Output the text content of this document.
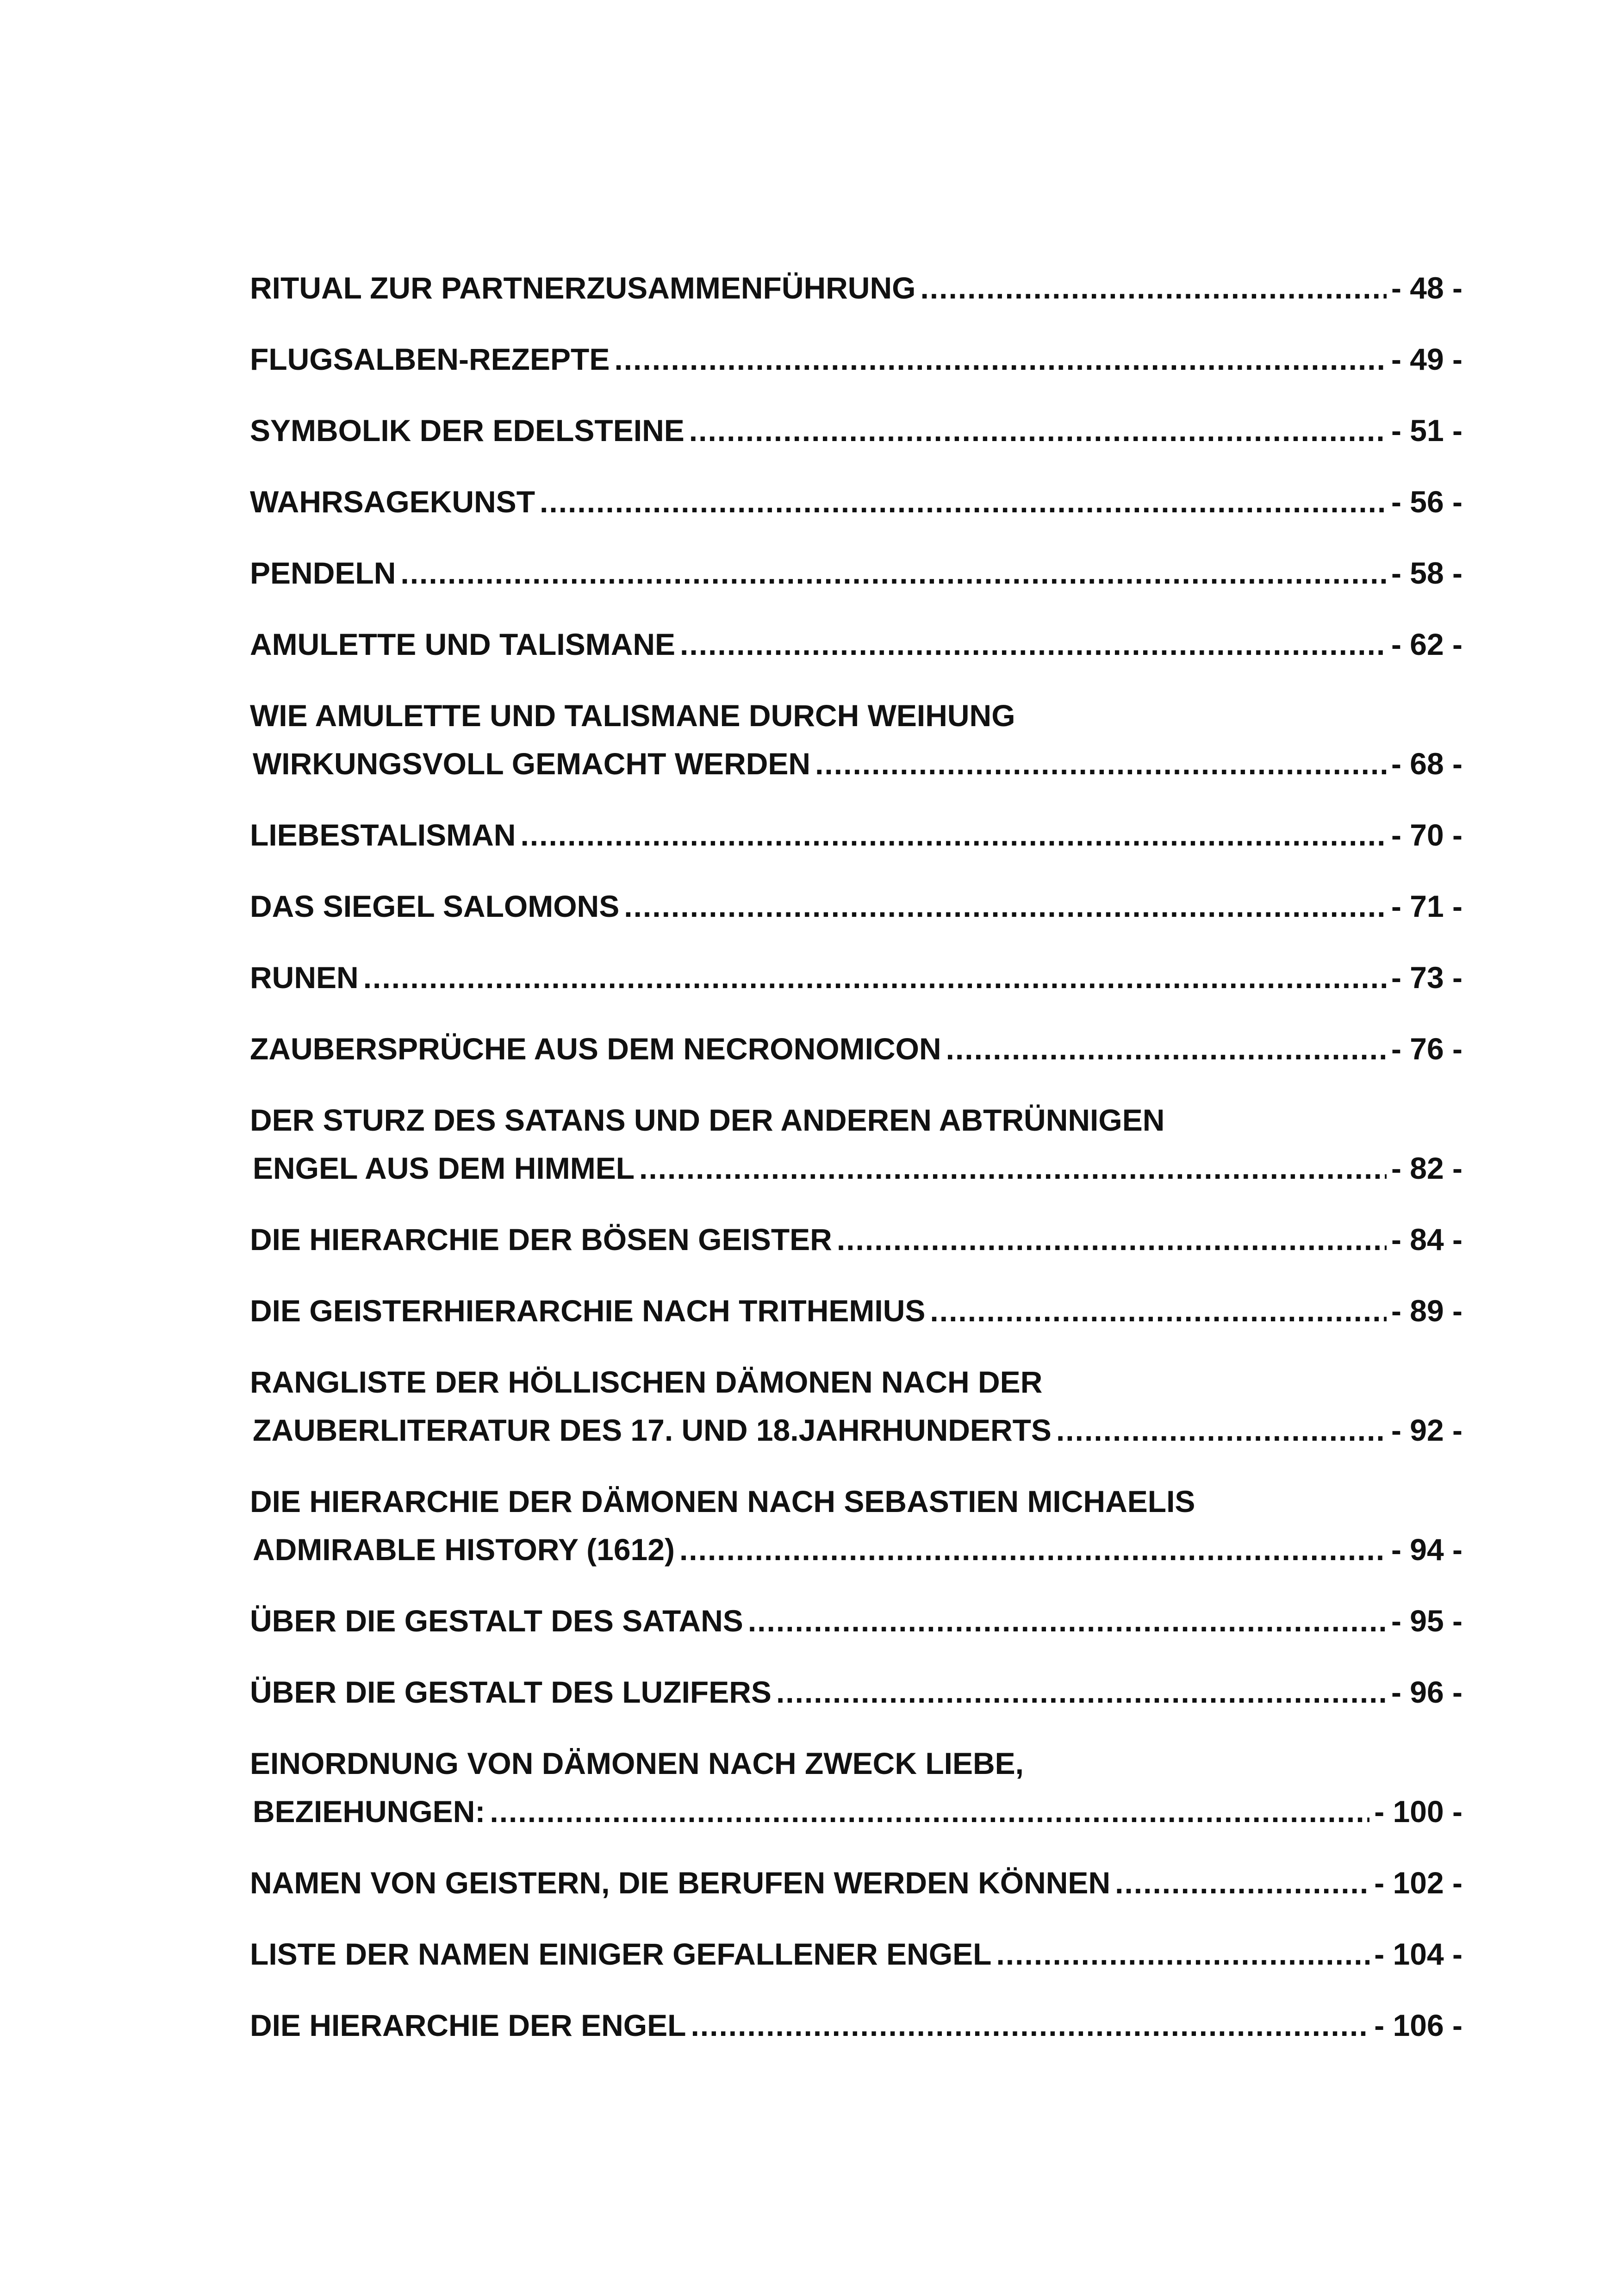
RITUAL ZUR PARTNERZUSAMMENFÜHRUNG .....	- 48 -
FLUGSALBEN-REZEPTE .....	- 49 -
SYMBOLIK DER EDELSTEINE .....	- 51 -
WAHRSAGEKUNST .....	- 56 -
PENDELN .....	- 58 -
AMULETTE UND TALISMANE .....	- 62 -
WIE AMULETTE UND TALISMANE DURCH WEIHUNG
WIRKUNGSVOLL GEMACHT WERDEN .....	- 68 -
LIEBESTALISMAN .....	- 70 -
DAS SIEGEL SALOMONS .....	- 71 -
RUNEN .....	- 73 -
ZAUBERSPRÜCHE AUS DEM NECRONOMICON .....	- 76 -
DER STURZ DES SATANS UND DER ANDEREN ABTRÜNNIGEN
ENGEL AUS DEM HIMMEL .....	- 82 -
DIE HIERARCHIE DER BÖSEN GEISTER .....	- 84 -
DIE GEISTERHIERARCHIE NACH TRITHEMIUS .....	- 89 -
RANGLISTE DER HÖLLISCHEN DÄMONEN NACH DER
ZAUBERLITERATUR DES 17. UND 18.JAHRHUNDERTS .....	- 92 -
DIE HIERARCHIE DER DÄMONEN NACH SEBASTIEN MICHAELIS
ADMIRABLE HISTORY (1612) .....	- 94 -
ÜBER DIE GESTALT DES SATANS .....	- 95 -
ÜBER DIE GESTALT DES LUZIFERS .....	- 96 -
EINORDNUNG VON DÄMONEN NACH ZWECK LIEBE,
BEZIEHUNGEN: .....	- 100 -
NAMEN VON GEISTERN, DIE BERUFEN WERDEN KÖNNEN .....	- 102 -
LISTE DER NAMEN EINIGER GEFALLENER ENGEL .....	- 104 -
DIE HIERARCHIE DER ENGEL .....	- 106 -
